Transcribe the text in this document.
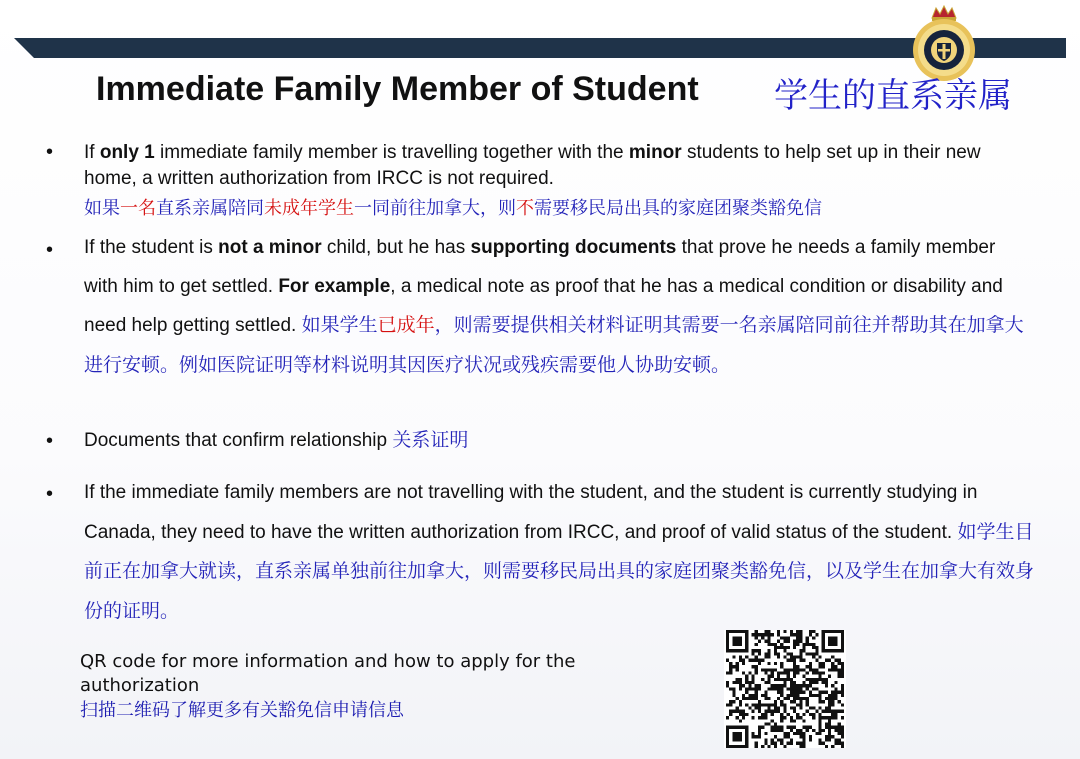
Immediate Family Member of Student 学生的直系亲属
•
•
•
•

If only 1 immediate family member is travelling together with the minor students to help set up in their new home, a written authorization from IRCC is not required.

如果一名直系亲属陪同未成年学生一同前往加拿大，则不需要移民局出具的家庭团聚类豁免信

If the student is not a minor child, but he has supporting documents that prove he needs a family member with him to get settled. For example, a medical note as proof that he has a medical condition or disability and need help getting settled. 如果学生已成年，则需要提供相关材料证明其需要一名亲属陪同前往并帮助其在加拿大进行安顿。例如医院证明等材料说明其因医疗状况或残疾需要他人协助安顿。

Documents that confirm relationship 关系证明

If the immediate family members are not travelling with the student, and the student is currently studying in Canada, they need to have the written authorization from IRCC, and proof of valid status of the student. 如学生目前正在加拿大就读，直系亲属单独前往加拿大，则需要移民局出具的家庭团聚类豁免信，以及学生在加拿大有效身份的证明。

QR code for more information and how to apply for the authorization
扫描二维码了解更多有关豁免信申请信息
